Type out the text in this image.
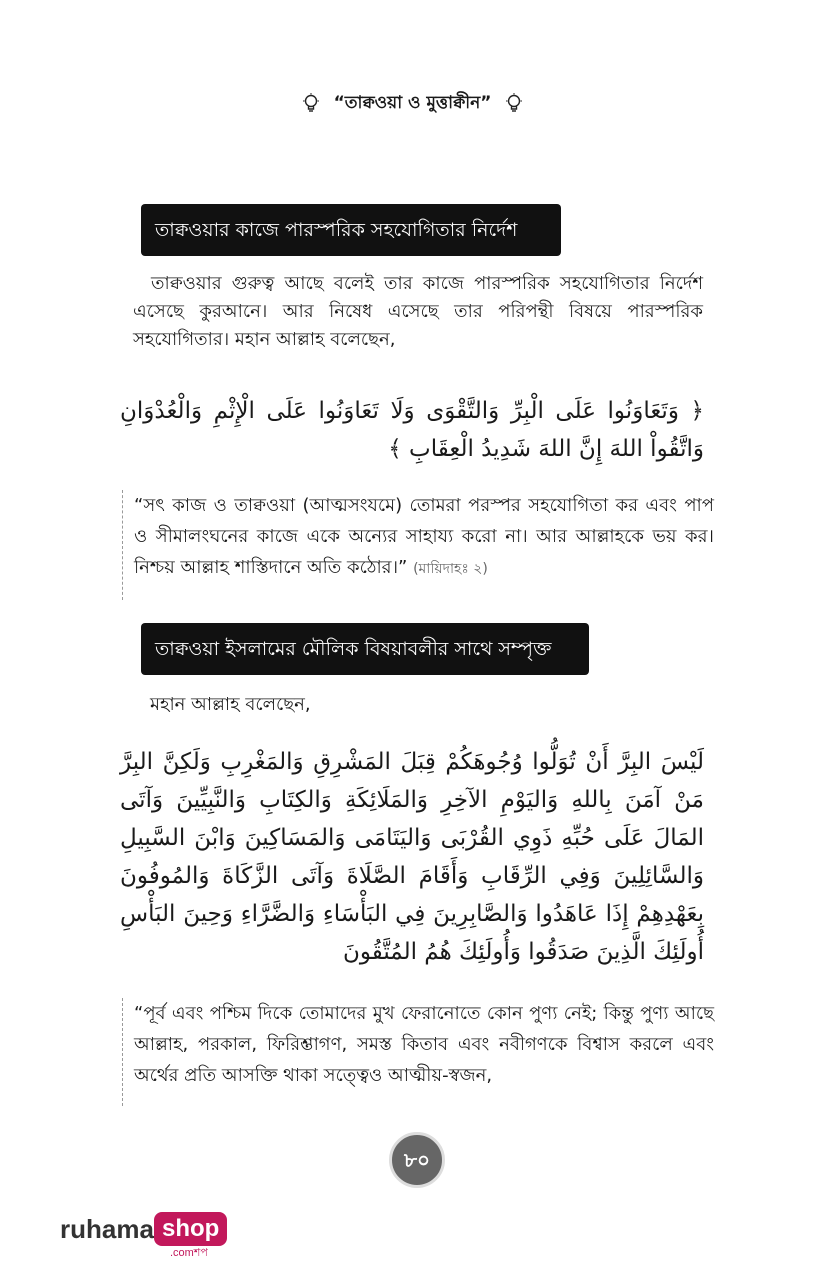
“তাক্বওয়া ও মুত্তাক্বীন”
তাক্বওয়ার কাজে পারস্পরিক সহযোগিতার নির্দেশ
তাক্বওয়ার গুরুত্ব আছে বলেই তার কাজে পারস্পরিক সহযোগিতার নির্দেশ এসেছে কুরআনে। আর নিষেধ এসেছে তার পরিপন্থী বিষয়ে পারস্পরিক সহযোগিতার। মহান আল্লাহ বলেছেন,
﴿ وَتَعَاوَنُوا عَلَى الْبِرِّ وَالتَّقْوَى وَلَا تَعَاوَنُوا عَلَى الْإِثْمِ وَالْعُدْوَانِ وَاتَّقُواْ اللهَ إِنَّ اللهَ شَدِيدُ الْعِقَابِ ﴾
“সৎ কাজ ও তাক্বওয়া (আত্মসংযমে) তোমরা পরস্পর সহযোগিতা কর এবং পাপ ও সীমালংঘনের কাজে একে অন্যের সাহায্য করো না। আর আল্লাহকে ভয় কর। নিশ্চয় আল্লাহ শাস্তিদানে অতি কঠোর।” (মায়িদাহঃ ২)
তাক্বওয়া ইসলামের মৌলিক বিষয়াবলীর সাথে সম্পৃক্ত
মহান আল্লাহ বলেছেন,
لَيْسَ البِرَّ أَنْ تُوَلُّوا وُجُوهَكُمْ قِبَلَ المَشْرِقِ وَالمَغْرِبِ وَلَكِنَّ البِرَّ مَنْ آمَنَ بِاللهِ وَاليَوْمِ الآخِرِ وَالمَلَائِكَةِ وَالكِتَابِ وَالنَّبِيِّينَ وَآتَى المَالَ عَلَى حُبِّهِ ذَوِي القُرْبَى وَاليَتَامَى وَالمَسَاكِينَ وَابْنَ السَّبِيلِ وَالسَّائِلِينَ وَفِي الرِّقَابِ وَأَقَامَ الصَّلَاةَ وَآتَى الزَّكَاةَ وَالمُوفُونَ بِعَهْدِهِمْ إِذَا عَاهَدُوا وَالصَّابِرِينَ فِي البَأْسَاءِ وَالضَّرَّاءِ وَحِينَ البَأْسِ أُولَئِكَ الَّذِينَ صَدَقُوا وَأُولَئِكَ هُمُ المُتَّقُونَ
“পূর্ব এবং পশ্চিম দিকে তোমাদের মুখ ফেরানোতে কোন পুণ্য নেই; কিন্তু পুণ্য আছে আল্লাহ, পরকাল, ফিরিশ্তাগণ, সমস্ত কিতাব এবং নবীগণকে বিশ্বাস করলে এবং অর্থের প্রতি আসক্তি থাকা সত্ত্বেও আত্মীয়-স্বজন,
৮০
ruhama shop
.comশপ
